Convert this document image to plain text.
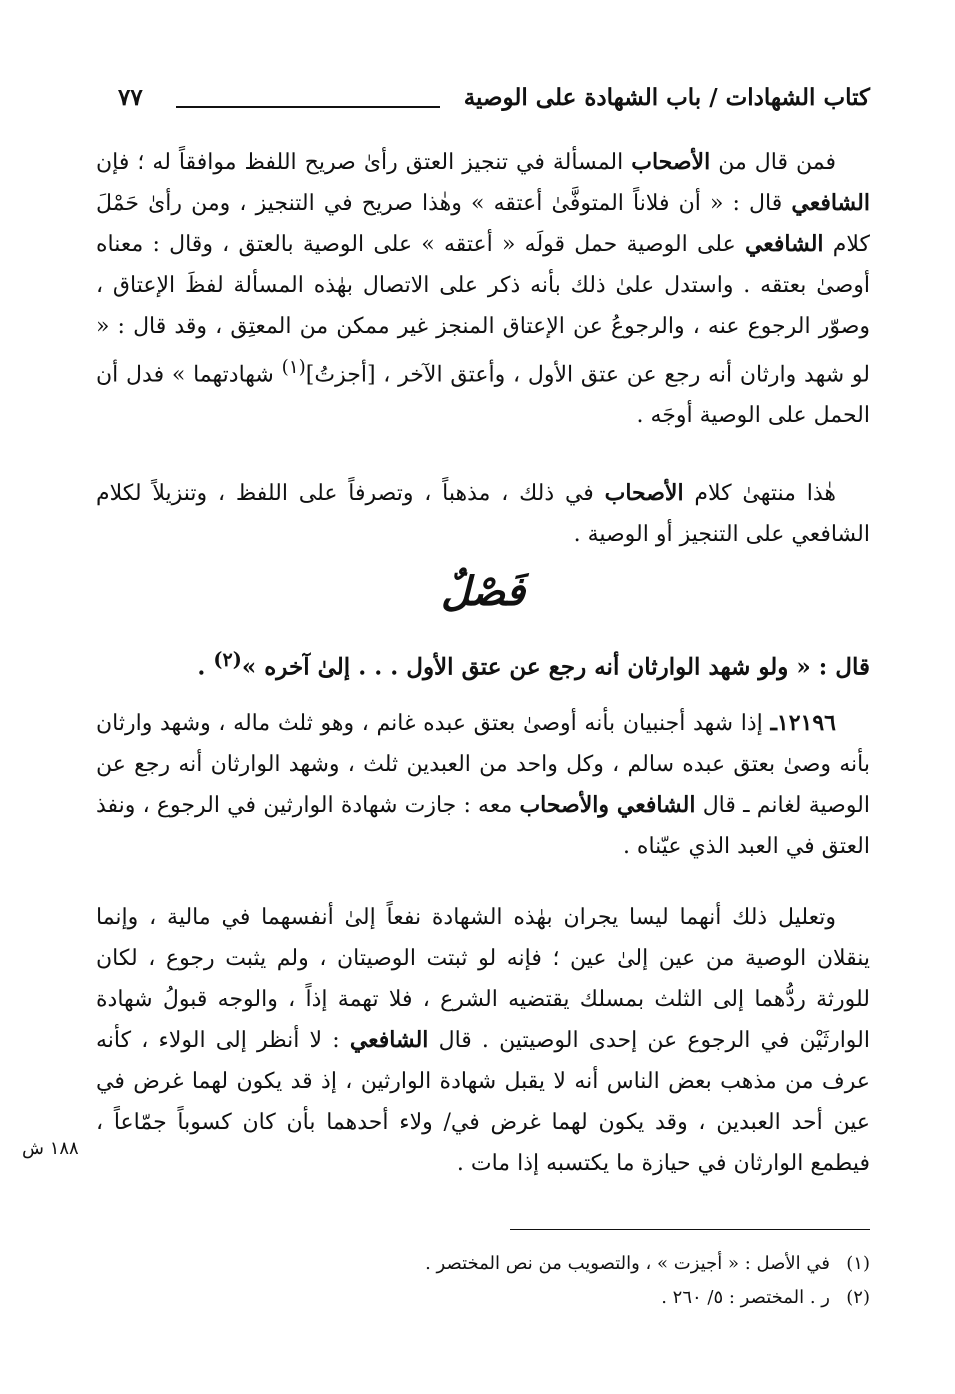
كتاب الشهادات / باب الشهادة على الوصية
٧٧

فمن قال من الأصحاب المسألة في تنجيز العتق رأىٰ صريح اللفظ موافقاً له ؛ فإن الشافعي قال : « أن فلاناً المتوفَّىٰ أعتقه » وهٰذا صريح في التنجيز ، ومن رأىٰ حَمْلَ كلام الشافعي على الوصية حمل قولَه « أعتقه » على الوصية بالعتق ، وقال : معناه أوصىٰ بعتقه . واستدل علىٰ ذلك بأنه ذكر على الاتصال بهٰذه المسألة لفظَ الإعتاق ، وصوّر الرجوع عنه ، والرجوعُ عن الإعتاق المنجز غير ممكن من المعتِق ، وقد قال : « لو شهد وارثان أنه رجع عن عتق الأول ، وأعتق الآخر ، [أجزتُ]$^{(١)}$ شهادتهما » فدل أن الحمل على الوصية أوجَه .

هٰذا منتهىٰ كلام الأصحاب في ذلك ، مذهباً ، وتصرفاً على اللفظ ، وتنزيلاً لكلام الشافعي على التنجيز أو الوصية .

فَصْلٌ
قال : « ولو شهد الوارثان أنه رجع عن عتق الأول . . . إلىٰ آخره »$^{(٢)}$ .

١٢١٩٦ـ إذا شهد أجنبيان بأنه أوصىٰ بعتق عبده غانم ، وهو ثلث ماله ، وشهد وارثان بأنه وصىٰ بعتق عبده سالم ، وكل واحد من العبدين ثلث ، وشهد الوارثان أنه رجع عن الوصية لغانم ـ قال الشافعي والأصحاب معه : جازت شهادة الوارثين في الرجوع ، ونفذ العتق في العبد الذي عيّناه .

وتعليل ذلك أنهما ليسا يجران بهٰذه الشهادة نفعاً إلىٰ أنفسهما في مالية ، وإنما ينقلان الوصية من عين إلىٰ عين ؛ فإنه لو ثبتت الوصيتان ، ولم يثبت رجوع ، لكان للورثة ردُّهما إلى الثلث بمسلك يقتضيه الشرع ، فلا تهمة إذاً ، والوجه قبولُ شهادة الوارثَيْن في الرجوع عن إحدى الوصيتين . قال الشافعي : لا أنظر إلى الولاء ، كأنه عرف من مذهب بعض الناس أنه لا يقبل شهادة الوارثين ، إذ قد يكون لهما غرض في عين أحد العبدين ، وقد يكون لهما غرض في/ ولاء أحدهما بأن كان كسوباً جمّاعاً ، فيطمع الوارثان في حيازة ما يكتسبه إذا مات .

١٨٨ ش
(١)في الأصل : « أجيزت » ، والتصويب من نص المختصر .
(٢)ر . المختصر : ٥/ ٢٦٠ .
